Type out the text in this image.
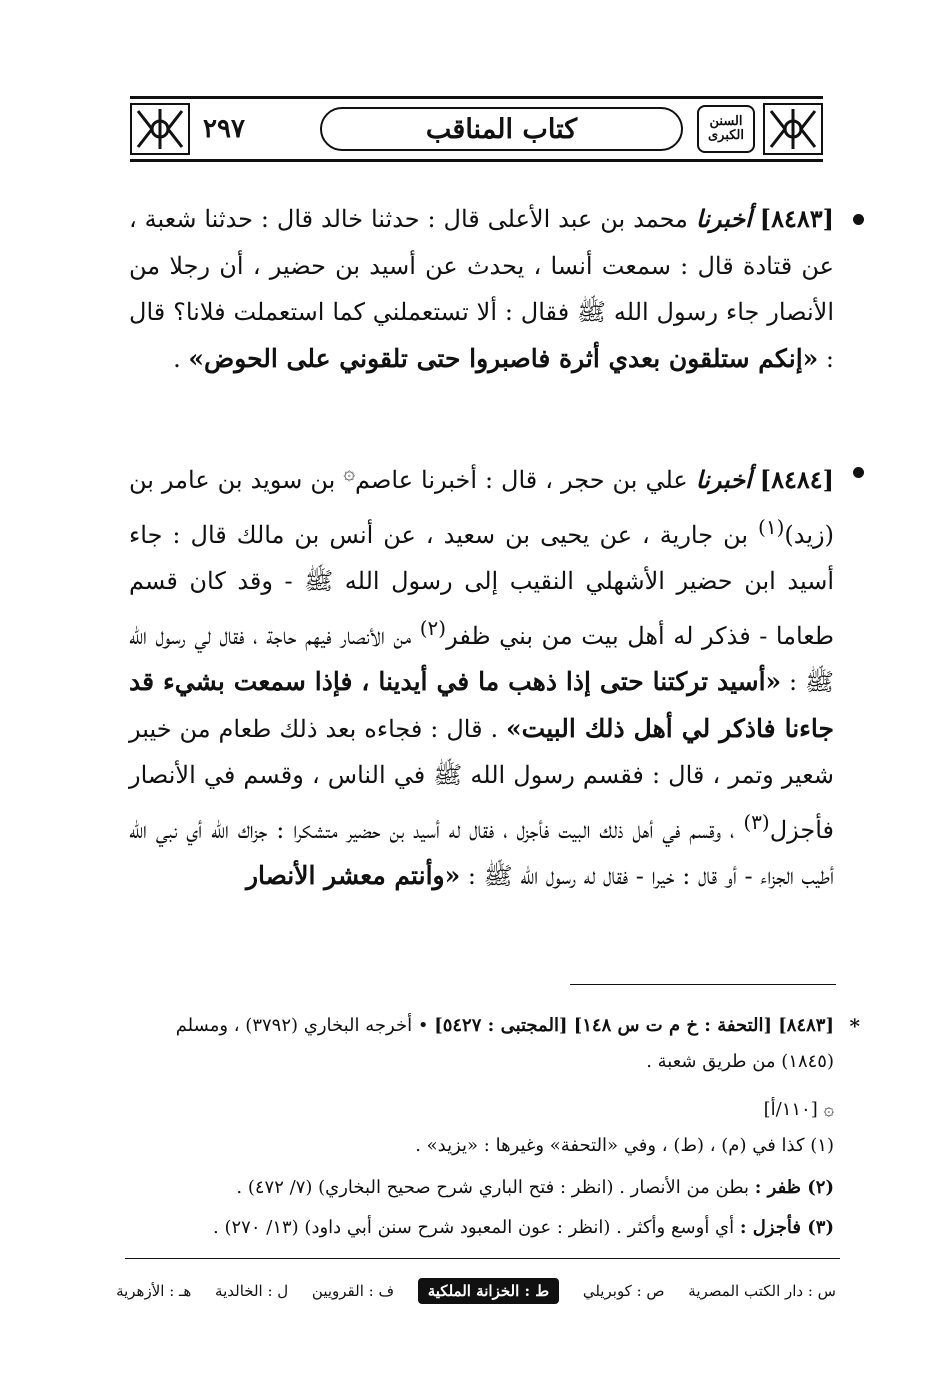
السنن الكبرى
كتاب المناقب
٢٩٧
[٨٤٨٣] أخبرنا محمد بن عبد الأعلى قال : حدثنا خالد قال : حدثنا شعبة ، عن قتادة قال : سمعت أنسا ، يحدث عن أسيد بن حضير ، أن رجلا من الأنصار جاء رسول الله ﷺ فقال : ألا تستعملني كما استعملت فلانا؟ قال : «إنكم ستلقون بعدي أثرة فاصبروا حتى تلقوني على الحوض» .
[٨٤٨٤] أخبرنا علي بن حجر ، قال : أخبرنا عاصم۞ بن سويد بن عامر بن (زيد)$^{(١)}$ بن جارية ، عن يحيى بن سعيد ، عن أنس بن مالك قال : جاء أسيد ابن حضير الأشهلي النقيب إلى رسول الله ﷺ - وقد كان قسم طعاما - فذكر له أهل بيت من بني ظفر$^{(٢)}$ من الأنصار فيهم حاجة ، فقال لي رسول الله ﷺ : «أسيد تركتنا حتى إذا ذهب ما في أيدينا ، فإذا سمعت بشيء قد جاءنا فاذكر لي أهل ذلك البيت» . قال : فجاءه بعد ذلك طعام من خيبر شعير وتمر ، قال : فقسم رسول الله ﷺ في الناس ، وقسم في الأنصار فأجزل$^{(٣)}$ ، وقسم في أهل ذلك البيت فأجزل ، فقال له أسيد بن حضير متشكرا : جزاك الله أي نبي الله أطيب الجزاء - أو قال : خيرا - فقال له رسول الله ﷺ : «وأنتم معشر الأنصار
*
[٨٤٨٣] [التحفة : خ م ت س ١٤٨] [المجتبى : ٥٤٢٧] • أخرجه البخاري (٣٧٩٢) ، ومسلم (١٨٤٥) من طريق شعبة .
۞ [١١٠/أ]
(١) كذا في (م) ، (ط) ، وفي «التحفة» وغيرها : «يزيد» .
(٢) ظفر : بطن من الأنصار . (انظر : فتح الباري شرح صحيح البخاري) (٧/ ٤٧٢) .
(٣) فأجزل : أي أوسع وأكثر . (انظر : عون المعبود شرح سنن أبي داود) (١٣/ ٢٧٠) .
س : دار الكتب المصرية
ص : كوبريلي
ط : الخزانة الملكية
ف : القرويين
ل : الخالدية
هـ : الأزهرية
